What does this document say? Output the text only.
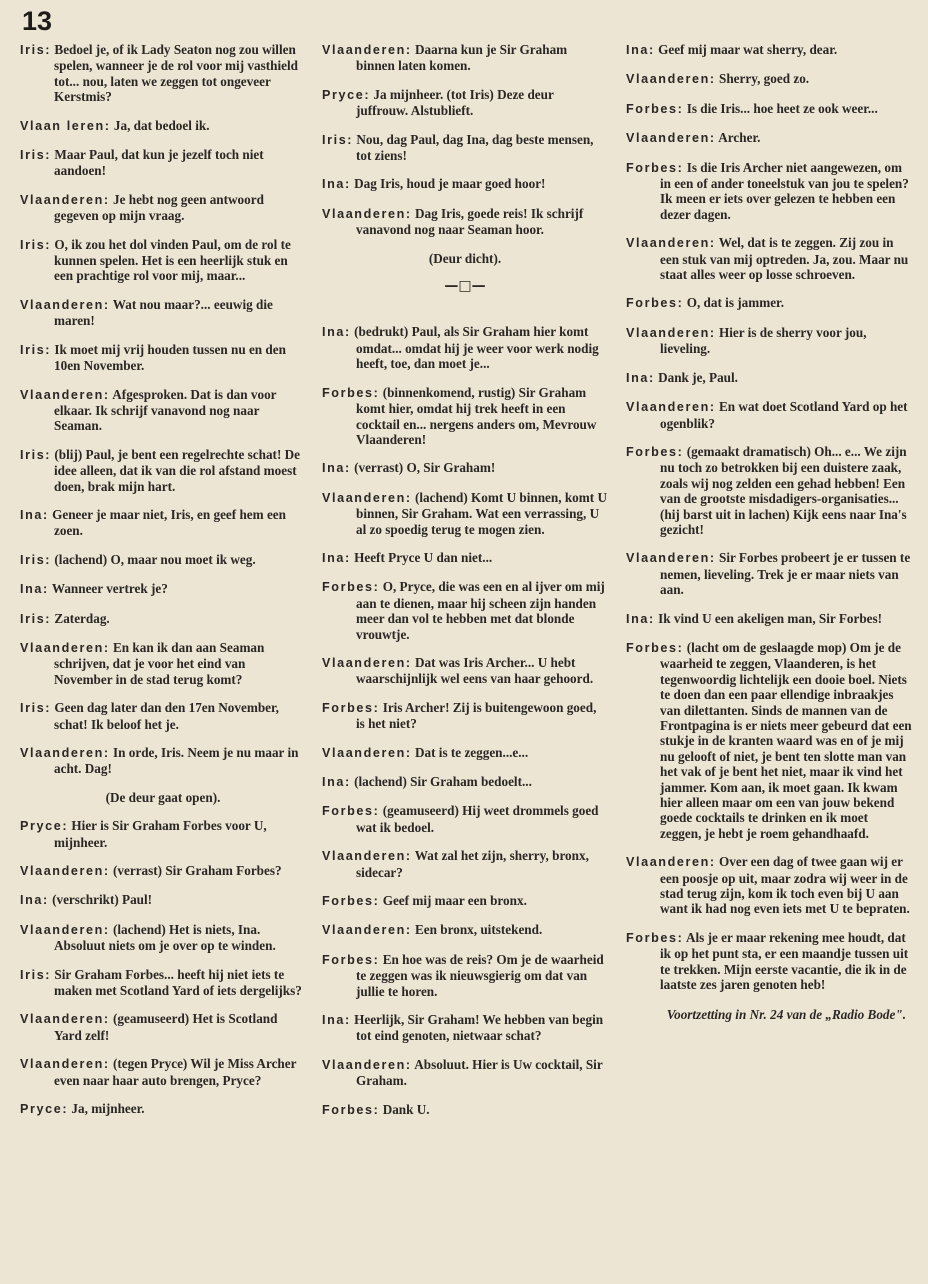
13
Iris: Bedoel je, of ik Lady Seaton nog zou willen spelen, wanneer je de rol voor mij vasthield tot... nou, laten we zeggen tot ongeveer Kerstmis?
Vlaan leren: Ja, dat bedoel ik.
Iris: Maar Paul, dat kun je jezelf toch niet aandoen!
Vlaanderen: Je hebt nog geen antwoord gegeven op mijn vraag.
Iris: O, ik zou het dol vinden Paul, om de rol te kunnen spelen. Het is een heerlijk stuk en een prachtige rol voor mij, maar...
Vlaanderen: Wat nou maar?... eeuwig die maren!
Iris: Ik moet mij vrij houden tussen nu en den 10en November.
Vlaanderen: Afgesproken. Dat is dan voor elkaar. Ik schrijf vanavond nog naar Seaman.
Iris: (blij) Paul, je bent een regelrechte schat! De idee alleen, dat ik van die rol afstand moest doen, brak mijn hart.
Ina: Geneer je maar niet, Iris, en geef hem een zoen.
Iris: (lachend) O, maar nou moet ik weg.
Ina: Wanneer vertrek je?
Iris: Zaterdag.
Vlaanderen: En kan ik dan aan Seaman schrijven, dat je voor het eind van November in de stad terug komt?
Iris: Geen dag later dan den 17en November, schat! Ik beloof het je.
Vlaanderen: In orde, Iris. Neem je nu maar in acht. Dag!
(De deur gaat open).
Pryce: Hier is Sir Graham Forbes voor U, mijnheer.
Vlaanderen: (verrast) Sir Graham Forbes?
Ina: (verschrikt) Paul!
Vlaanderen: (lachend) Het is niets, Ina. Absoluut niets om je over op te winden.
Iris: Sir Graham Forbes... heeft hij niet iets te maken met Scotland Yard of iets dergelijks?
Vlaanderen: (geamuseerd) Het is Scotland Yard zelf!
Vlaanderen: (tegen Pryce) Wil je Miss Archer even naar haar auto brengen, Pryce?
Pryce: Ja, mijnheer.
Vlaanderen: Daarna kun je Sir Graham binnen laten komen.
Pryce: Ja mijnheer. (tot Iris) Deze deur juffrouw. Alstublieft.
Iris: Nou, dag Paul, dag Ina, dag beste mensen, tot ziens!
Ina: Dag Iris, houd je maar goed hoor!
Vlaanderen: Dag Iris, goede reis! Ik schrijf vanavond nog naar Seaman hoor.
(Deur dicht).
—□—
Ina: (bedrukt) Paul, als Sir Graham hier komt omdat... omdat hij je weer voor werk nodig heeft, toe, dan moet je...
Forbes: (binnenkomend, rustig) Sir Graham komt hier, omdat hij trek heeft in een cocktail en... nergens anders om, Mevrouw Vlaanderen!
Ina: (verrast) O, Sir Graham!
Vlaanderen: (lachend) Komt U binnen, komt U binnen, Sir Graham. Wat een verrassing, U al zo spoedig terug te mogen zien.
Ina: Heeft Pryce U dan niet...
Forbes: O, Pryce, die was een en al ijver om mij aan te dienen, maar hij scheen zijn handen meer dan vol te hebben met dat blonde vrouwtje.
Vlaanderen: Dat was Iris Archer... U hebt waarschijnlijk wel eens van haar gehoord.
Forbes: Iris Archer! Zij is buitengewoon goed, is het niet?
Vlaanderen: Dat is te zeggen...e...
Ina: (lachend) Sir Graham bedoelt...
Forbes: (geamuseerd) Hij weet drommels goed wat ik bedoel.
Vlaanderen: Wat zal het zijn, sherry, bronx, sidecar?
Forbes: Geef mij maar een bronx.
Vlaanderen: Een bronx, uitstekend.
Forbes: En hoe was de reis? Om je de waarheid te zeggen was ik nieuwsgierig om dat van jullie te horen.
Ina: Heerlijk, Sir Graham! We hebben van begin tot eind genoten, nietwaar schat?
Vlaanderen: Absoluut. Hier is Uw cocktail, Sir Graham.
Forbes: Dank U.
Ina: Geef mij maar wat sherry, dear.
Vlaanderen: Sherry, goed zo.
Forbes: Is die Iris... hoe heet ze ook weer...
Vlaanderen: Archer.
Forbes: Is die Iris Archer niet aangewezen, om in een of ander toneelstuk van jou te spelen? Ik meen er iets over gelezen te hebben een dezer dagen.
Vlaanderen: Wel, dat is te zeggen. Zij zou in een stuk van mij optreden. Ja, zou. Maar nu staat alles weer op losse schroeven.
Forbes: O, dat is jammer.
Vlaanderen: Hier is de sherry voor jou, lieveling.
Ina: Dank je, Paul.
Vlaanderen: En wat doet Scotland Yard op het ogenblik?
Forbes: (gemaakt dramatisch) Oh... e... We zijn nu toch zo betrokken bij een duistere zaak, zoals wij nog zelden een gehad hebben! Een van de grootste misdadigers-organisaties... (hij barst uit in lachen) Kijk eens naar Ina's gezicht!
Vlaanderen: Sir Forbes probeert je er tussen te nemen, lieveling. Trek je er maar niets van aan.
Ina: Ik vind U een akeligen man, Sir Forbes!
Forbes: (lacht om de geslaagde mop) Om je de waarheid te zeggen, Vlaanderen, is het tegenwoordig lichtelijk een dooie boel. Niets te doen dan een paar ellendige inbraakjes van dilettanten. Sinds de mannen van de Frontpagina is er niets meer gebeurd dat een stukje in de kranten waard was en of je mij nu gelooft of niet, je bent ten slotte man van het vak of je bent het niet, maar ik vind het jammer. Kom aan, ik moet gaan. Ik kwam hier alleen maar om een van jouw bekend goede cocktails te drinken en ik moet zeggen, je hebt je roem gehandhaafd.
Vlaanderen: Over een dag of twee gaan wij er een poosje op uit, maar zodra wij weer in de stad terug zijn, kom ik toch even bij U aan want ik had nog even iets met U te bepraten.
Forbes: Als je er maar rekening mee houdt, dat ik op het punt sta, er een maandje tussen uit te trekken. Mijn eerste vacantie, die ik in de laatste zes jaren genoten heb!
Voortzetting in Nr. 24 van de „Radio Bode".
